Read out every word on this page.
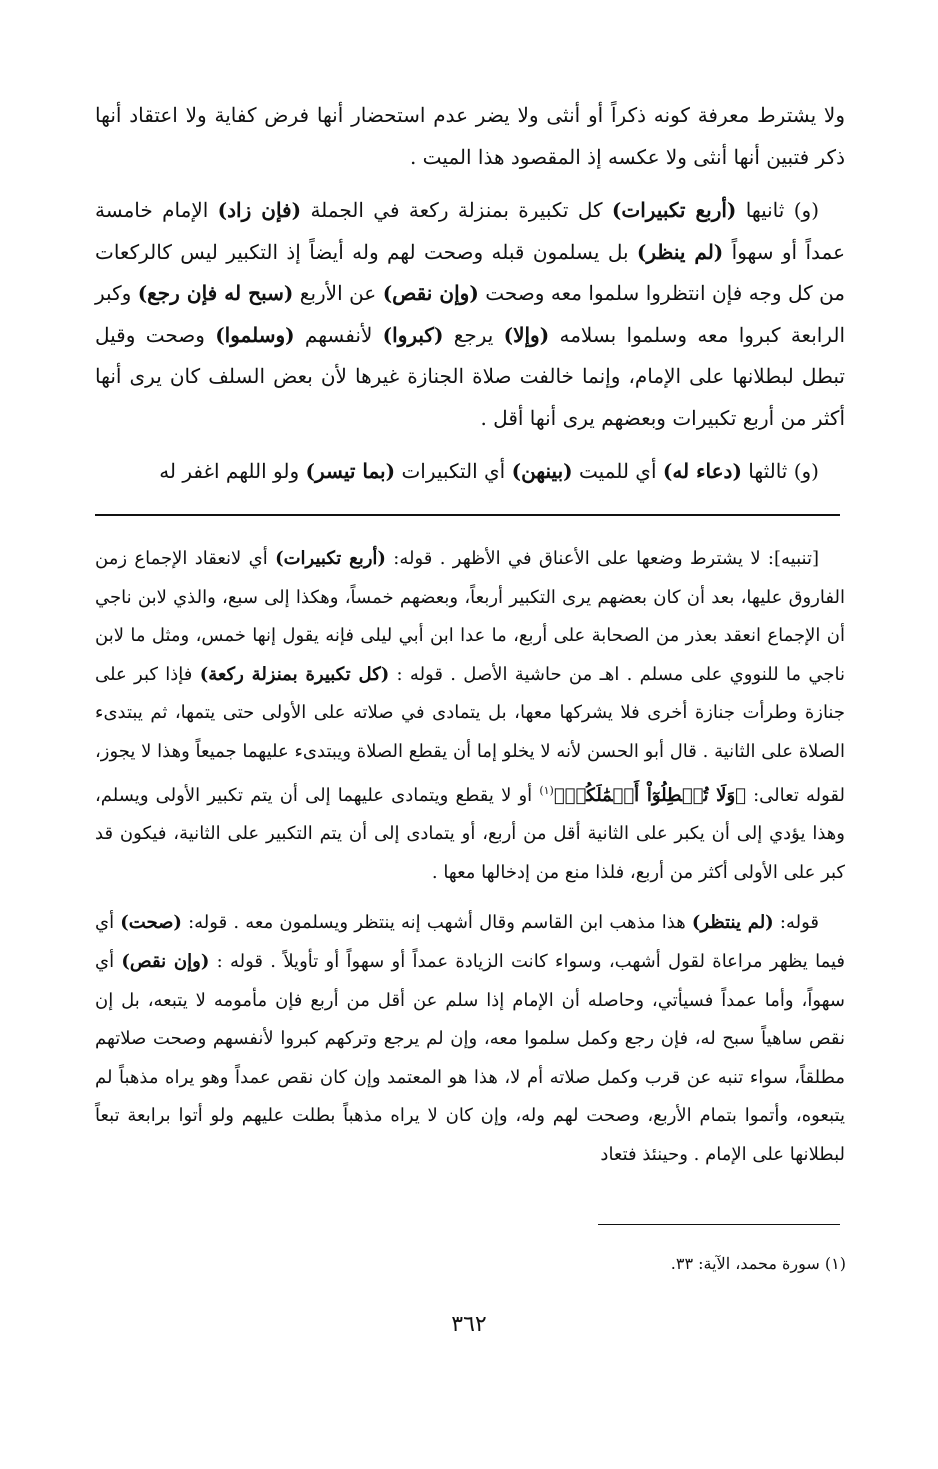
ولا يشترط معرفة كونه ذكراً أو أنثى ولا يضر عدم استحضار أنها فرض كفاية ولا اعتقاد أنها ذكر فتبين أنها أنثى ولا عكسه إذ المقصود هذا الميت .

(و) ثانيها (أربع تكبيرات) كل تكبيرة بمنزلة ركعة في الجملة (فإن زاد) الإمام خامسة عمداً أو سهواً (لم ينظر) بل يسلمون قبله وصحت لهم وله أيضاً إذ التكبير ليس كالركعات من كل وجه فإن انتظروا سلموا معه وصحت (وإن نقص) عن الأربع (سبح له فإن رجع) وكبر الرابعة كبروا معه وسلموا بسلامه (وإلا) يرجع (كبروا) لأنفسهم (وسلموا) وصحت وقيل تبطل لبطلانها على الإمام، وإنما خالفت صلاة الجنازة غيرها لأن بعض السلف كان يرى أنها أكثر من أربع تكبيرات وبعضهم يرى أنها أقل .

(و) ثالثها (دعاء له) أي للميت (بينهن) أي التكبيرات (بما تيسر) ولو اللهم اغفر له

[تنبيه]: لا يشترط وضعها على الأعناق في الأظهر . قوله: (أربع تكبيرات) أي لانعقاد الإجماع زمن الفاروق عليها، بعد أن كان بعضهم يرى التكبير أربعاً، وبعضهم خمساً، وهكذا إلى سبع، والذي لابن ناجي أن الإجماع انعقد بعذر من الصحابة على أربع، ما عدا ابن أبي ليلى فإنه يقول إنها خمس، ومثل ما لابن ناجي ما للنووي على مسلم . اهـ من حاشية الأصل . قوله : (كل تكبيرة بمنزلة ركعة) فإذا كبر على جنازة وطرأت جنازة أخرى فلا يشركها معها، بل يتمادى في صلاته على الأولى حتى يتمها، ثم يبتدىء الصلاة على الثانية . قال أبو الحسن لأنه لا يخلو إما أن يقطع الصلاة ويبتدىء عليهما جميعاً وهذا لا يجوز، لقوله تعالى: ﴿وَلَا تُبۡطِلُوٓاْ أَعۡمَٰلَكُمۡ﴾$^{(١)}$ أو لا يقطع ويتمادى عليهما إلى أن يتم تكبير الأولى ويسلم، وهذا يؤدي إلى أن يكبر على الثانية أقل من أربع، أو يتمادى إلى أن يتم التكبير على الثانية، فيكون قد كبر على الأولى أكثر من أربع، فلذا منع من إدخالها معها .

قوله: (لم ينتظر) هذا مذهب ابن القاسم وقال أشهب إنه ينتظر ويسلمون معه . قوله: (صحت) أي فيما يظهر مراعاة لقول أشهب، وسواء كانت الزيادة عمداً أو سهواً أو تأويلاً . قوله : (وإن نقص) أي سهواً، وأما عمداً فسيأتي، وحاصله أن الإمام إذا سلم عن أقل من أربع فإن مأمومه لا يتبعه، بل إن نقص ساهياً سبح له، فإن رجع وكمل سلموا معه، وإن لم يرجع وتركهم كبروا لأنفسهم وصحت صلاتهم مطلقاً، سواء تنبه عن قرب وكمل صلاته أم لا، هذا هو المعتمد وإن كان نقص عمداً وهو يراه مذهباً لم يتبعوه، وأتموا بتمام الأربع، وصحت لهم وله، وإن كان لا يراه مذهباً بطلت عليهم ولو أتوا برابعة تبعاً لبطلانها على الإمام . وحينئذ فتعاد

(١) سورة محمد، الآية: ٣٣.
٣٦٢
